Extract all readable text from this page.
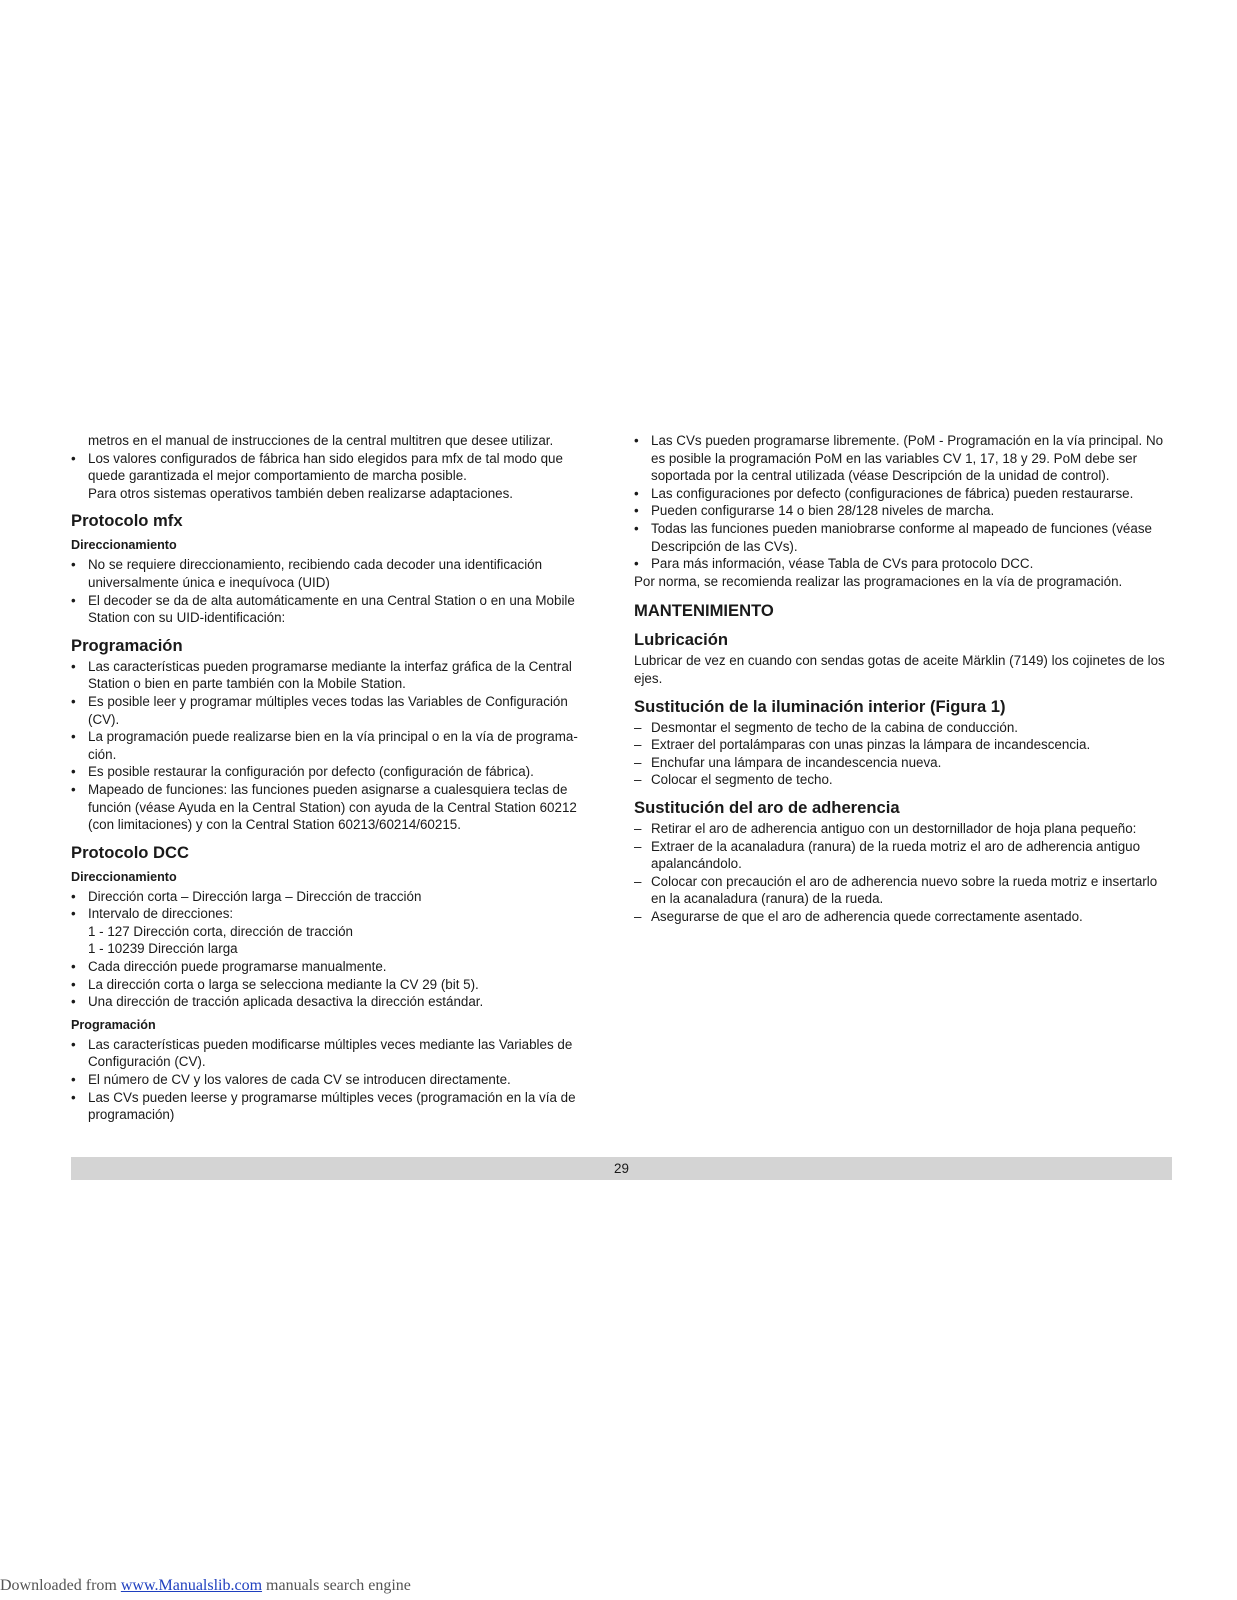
metros en el manual de instrucciones de la central multitren que desee utilizar.

• Los valores configurados de fábrica han sido elegidos para mfx de tal modo que quede garantizada el mejor comportamiento de marcha posible.
Para otros sistemas operativos también deben realizarse adaptaciones.
Protocolo mfx
Direccionamiento
• No se requiere direccionamiento, recibiendo cada decoder una identificación universalmente única e inequívoca (UID)
• El decoder se da de alta automáticamente en una Central Station o en una Mobile Station con su UID-identificación:
Programación
• Las características pueden programarse mediante la interfaz gráfica de la Central Station o bien en parte también con la Mobile Station.
• Es posible leer y programar múltiples veces todas las Variables de Configuración (CV).
• La programación puede realizarse bien en la vía principal o en la vía de programa-ción.
• Es posible restaurar la configuración por defecto (configuración de fábrica).
• Mapeado de funciones: las funciones pueden asignarse a cualesquiera teclas de función (véase Ayuda en la Central Station) con ayuda de la Central Station 60212 (con limitaciones) y con la Central Station 60213/60214/60215.
Protocolo DCC
Direccionamiento
• Dirección corta – Dirección larga – Dirección de tracción
• Intervalo de direcciones:
1 - 127 Dirección corta, dirección de tracción
1 - 10239 Dirección larga
• Cada dirección puede programarse manualmente.
• La dirección corta o larga se selecciona mediante la CV 29 (bit 5).
• Una dirección de tracción aplicada desactiva la dirección estándar.
Programación
• Las características pueden modificarse múltiples veces mediante las Variables de Configuración (CV).
• El número de CV y los valores de cada CV se introducen directamente.
• Las CVs pueden leerse y programarse múltiples veces (programación en la vía de programación)
• Las CVs pueden programarse libremente. (PoM - Programación en la vía principal. No es posible la programación PoM en las variables CV 1, 17, 18 y 29. PoM debe ser soportada por la central utilizada (véase Descripción de la unidad de control).
• Las configuraciones por defecto (configuraciones de fábrica) pueden restaurarse.
• Pueden configurarse 14 o bien 28/128 niveles de marcha.
• Todas las funciones pueden maniobrarse conforme al mapeado de funciones (véase Descripción de las CVs).
• Para más información, véase Tabla de CVs para protocolo DCC.

Por norma, se recomienda realizar las programaciones en la vía de programación.

MANTENIMIENTO
Lubricación

Lubricar de vez en cuando con sendas gotas de aceite Märklin (7149) los cojinetes de los ejes.

Sustitución de la iluminación interior (Figura 1)
– Desmontar el segmento de techo de la cabina de conducción.
– Extraer del portalámparas con unas pinzas la lámpara de incandescencia.
– Enchufar una lámpara de incandescencia nueva.
– Colocar el segmento de techo.
Sustitución del aro de adherencia
– Retirar el aro de adherencia antiguo con un destornillador de hoja plana pequeño:
– Extraer de la acanaladura (ranura) de la rueda motriz el aro de adherencia antiguo apalancándolo.
– Colocar con precaución el aro de adherencia nuevo sobre la rueda motriz e insertarlo en la acanaladura (ranura) de la rueda.
– Asegurarse de que el aro de adherencia quede correctamente asentado.
29
Downloaded from www.Manualslib.com manuals search engine
